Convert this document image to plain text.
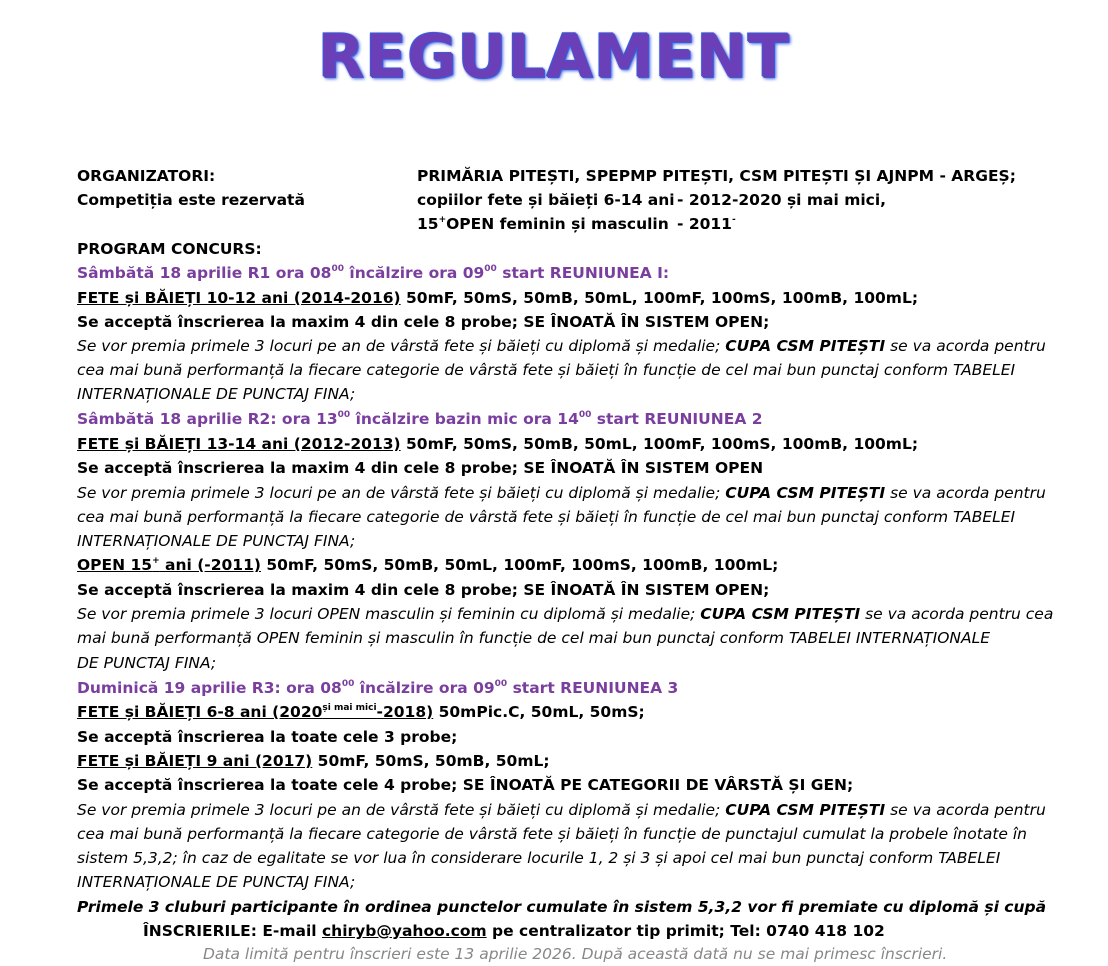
REGULAMENT
ORGANIZATORI:	PRIMĂRIA PITEȘTI, SPEPMP PITEȘTI, CSM PITEȘTI ȘI AJNPM - ARGEȘ;
Competiția este rezervată	copiilor fete și băieți 6-14 ani - 2012-2020 și mai mici,
15+OPEN feminin și masculin - 2011-
PROGRAM CONCURS:
Sâmbătă 18 aprilie R1 ora $08^{00}$ încălzire ora $09^{00}$ start REUNIUNEA I:
FETE și BĂIEȚI 10-12 ani (2014-2016) 50mF, 50mS, 50mB, 50mL, 100mF, 100mS, 100mB, 100mL;
Se acceptă înscrierea la maxim 4 din cele 8 probe; SE ÎNOATĂ ÎN SISTEM OPEN;
Se vor premia primele 3 locuri pe an de vârstă fete și băieți cu diplomă și medalie; CUPA CSM PITEȘTI se va acorda pentru
cea mai bună performanță la fiecare categorie de vârstă fete și băieți în funcție de cel mai bun punctaj conform TABELEI
INTERNAȚIONALE DE PUNCTAJ FINA;
Sâmbătă 18 aprilie R2: ora $13^{00}$ încălzire bazin mic ora $14^{00}$ start REUNIUNEA 2
FETE și BĂIEȚI 13-14 ani (2012-2013) 50mF, 50mS, 50mB, 50mL, 100mF, 100mS, 100mB, 100mL;
Se acceptă înscrierea la maxim 4 din cele 8 probe; SE ÎNOATĂ ÎN SISTEM OPEN
Se vor premia primele 3 locuri pe an de vârstă fete și băieți cu diplomă și medalie; CUPA CSM PITEȘTI se va acorda pentru
cea mai bună performanță la fiecare categorie de vârstă fete și băieți în funcție de cel mai bun punctaj conform TABELEI
INTERNAȚIONALE DE PUNCTAJ FINA;
OPEN 15+ ani (-2011) 50mF, 50mS, 50mB, 50mL, 100mF, 100mS, 100mB, 100mL;
Se acceptă înscrierea la maxim 4 din cele 8 probe; SE ÎNOATĂ ÎN SISTEM OPEN;
Se vor premia primele 3 locuri OPEN masculin și feminin cu diplomă și medalie; CUPA CSM PITEȘTI se va acorda pentru cea
mai bună performanță OPEN feminin și masculin în funcție de cel mai bun punctaj conform TABELEI INTERNAȚIONALE
DE PUNCTAJ FINA;
Duminică 19 aprilie R3: ora $08^{00}$ încălzire ora $09^{00}$ start REUNIUNEA 3
FETE și BĂIEȚI 6-8 ani $(2020^{și mai mici}-2018)$ 50mPic.C, 50mL, 50mS;
Se acceptă înscrierea la toate cele 3 probe;
FETE și BĂIEȚI 9 ani (2017) 50mF, 50mS, 50mB, 50mL;
Se acceptă înscrierea la toate cele 4 probe; SE ÎNOATĂ PE CATEGORII DE VÂRSTĂ ȘI GEN;
Se vor premia primele 3 locuri pe an de vârstă fete și băieți cu diplomă și medalie; CUPA CSM PITEȘTI se va acorda pentru
cea mai bună performanță la fiecare categorie de vârstă fete și băieți în funcție de punctajul cumulat la probele înotate în
sistem 5,3,2; în caz de egalitate se vor lua în considerare locurile 1, 2 și 3 și apoi cel mai bun punctaj conform TABELEI
INTERNAȚIONALE DE PUNCTAJ FINA;
Primele 3 cluburi participante în ordinea punctelor cumulate în sistem 5,3,2 vor fi premiate cu diplomă și cupă
ÎNSCRIERILE: E-mail chiryb@yahoo.com pe centralizator tip primit; Tel: 0740 418 102
Data limită pentru înscrieri este 13 aprilie 2026. După această dată nu se mai primesc înscrieri.
